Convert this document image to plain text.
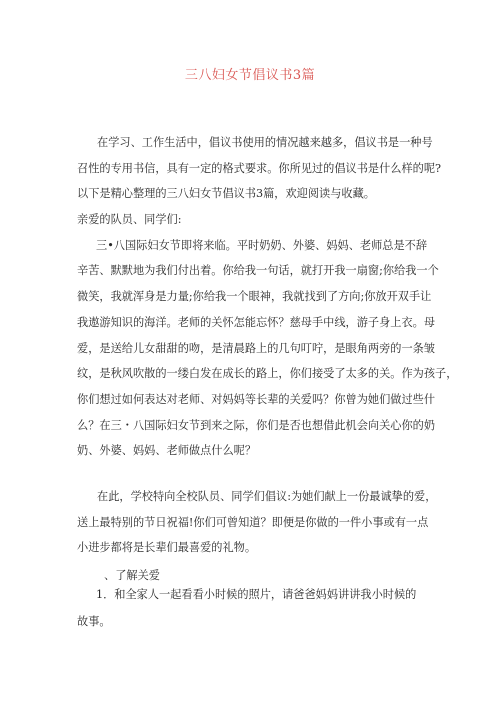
三八妇女节倡议书3篇
在学习、工作生活中，倡议书使用的情况越来越多，倡议书是一种号
召性的专用书信，具有一定的格式要求。你所见过的倡议书是什么样的呢?
以下是精心整理的三八妇女节倡议书3篇，欢迎阅读与收藏。
亲爱的队员、同学们:
三•八国际妇女节即将来临。平时奶奶、外婆、妈妈、老师总是不辞
辛苦、默默地为我们付出着。你给我一句话，就打开我一扇窗;你给我一个
微笑，我就浑身是力量;你给我一个眼神，我就找到了方向;你放开双手让
我遨游知识的海洋。老师的关怀怎能忘怀？慈母手中线，游子身上衣。母
爱，是送给儿女甜甜的吻，是清晨路上的几句叮咛，是眼角两旁的一条皱
纹，是秋风吹散的一缕白发在成长的路上，你们接受了太多的关。作为孩子，
你们想过如何表达对老师、对妈妈等长辈的关爱吗？你曾为她们做过些什
么？在三・八国际妇女节到来之际，你们是否也想借此机会向关心你的奶
奶、外婆、妈妈、老师做点什么呢？
在此，学校特向全校队员、同学们倡议:为她们献上一份最诚挚的爱，
送上最特别的节日祝福!你们可曾知道？即便是你做的一件小事或有一点
小进步都将是长辈们最喜爱的礼物。
、了解关爱
1．和全家人一起看看小时候的照片，请爸爸妈妈讲讲我小时候的
故事。
